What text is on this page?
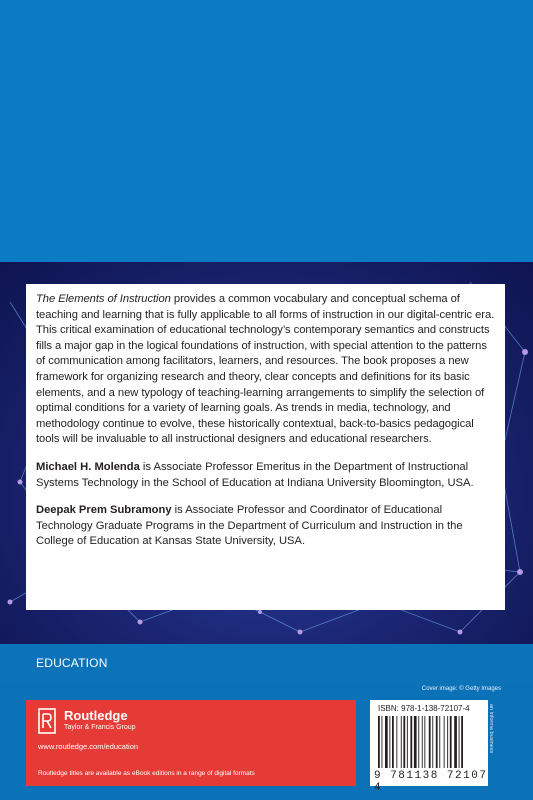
The Elements of Instruction provides a common vocabulary and conceptual schema of teaching and learning that is fully applicable to all forms of instruction in our digital-centric era. This critical examination of educational technology’s contemporary semantics and constructs fills a major gap in the logical foundations of instruction, with special attention to the patterns of communication among facilitators, learners, and resources. The book proposes a new framework for organizing research and theory, clear concepts and definitions for its basic elements, and a new typology of teaching-learning arrangements to simplify the selection of optimal conditions for a variety of learning goals. As trends in media, technology, and methodology continue to evolve, these historically contextual, back-to-basics pedagogical tools will be invaluable to all instructional designers and educational researchers.

Michael H. Molenda is Associate Professor Emeritus in the Department of Instructional Systems Technology in the School of Education at Indiana University Bloomington, USA.

Deepak Prem Subramony is Associate Professor and Coordinator of Educational Technology Graduate Programs in the Department of Curriculum and Instruction in the College of Education at Kansas State University, USA.

EDUCATION
Cover image: © Getty Images
Routledge
Taylor & Francis Group
www.routledge.com/education
Routledge titles are available as eBook editions in a range of digital formats
ISBN: 978-1-138-72107-4
9 781138 72107 4
an informa business
